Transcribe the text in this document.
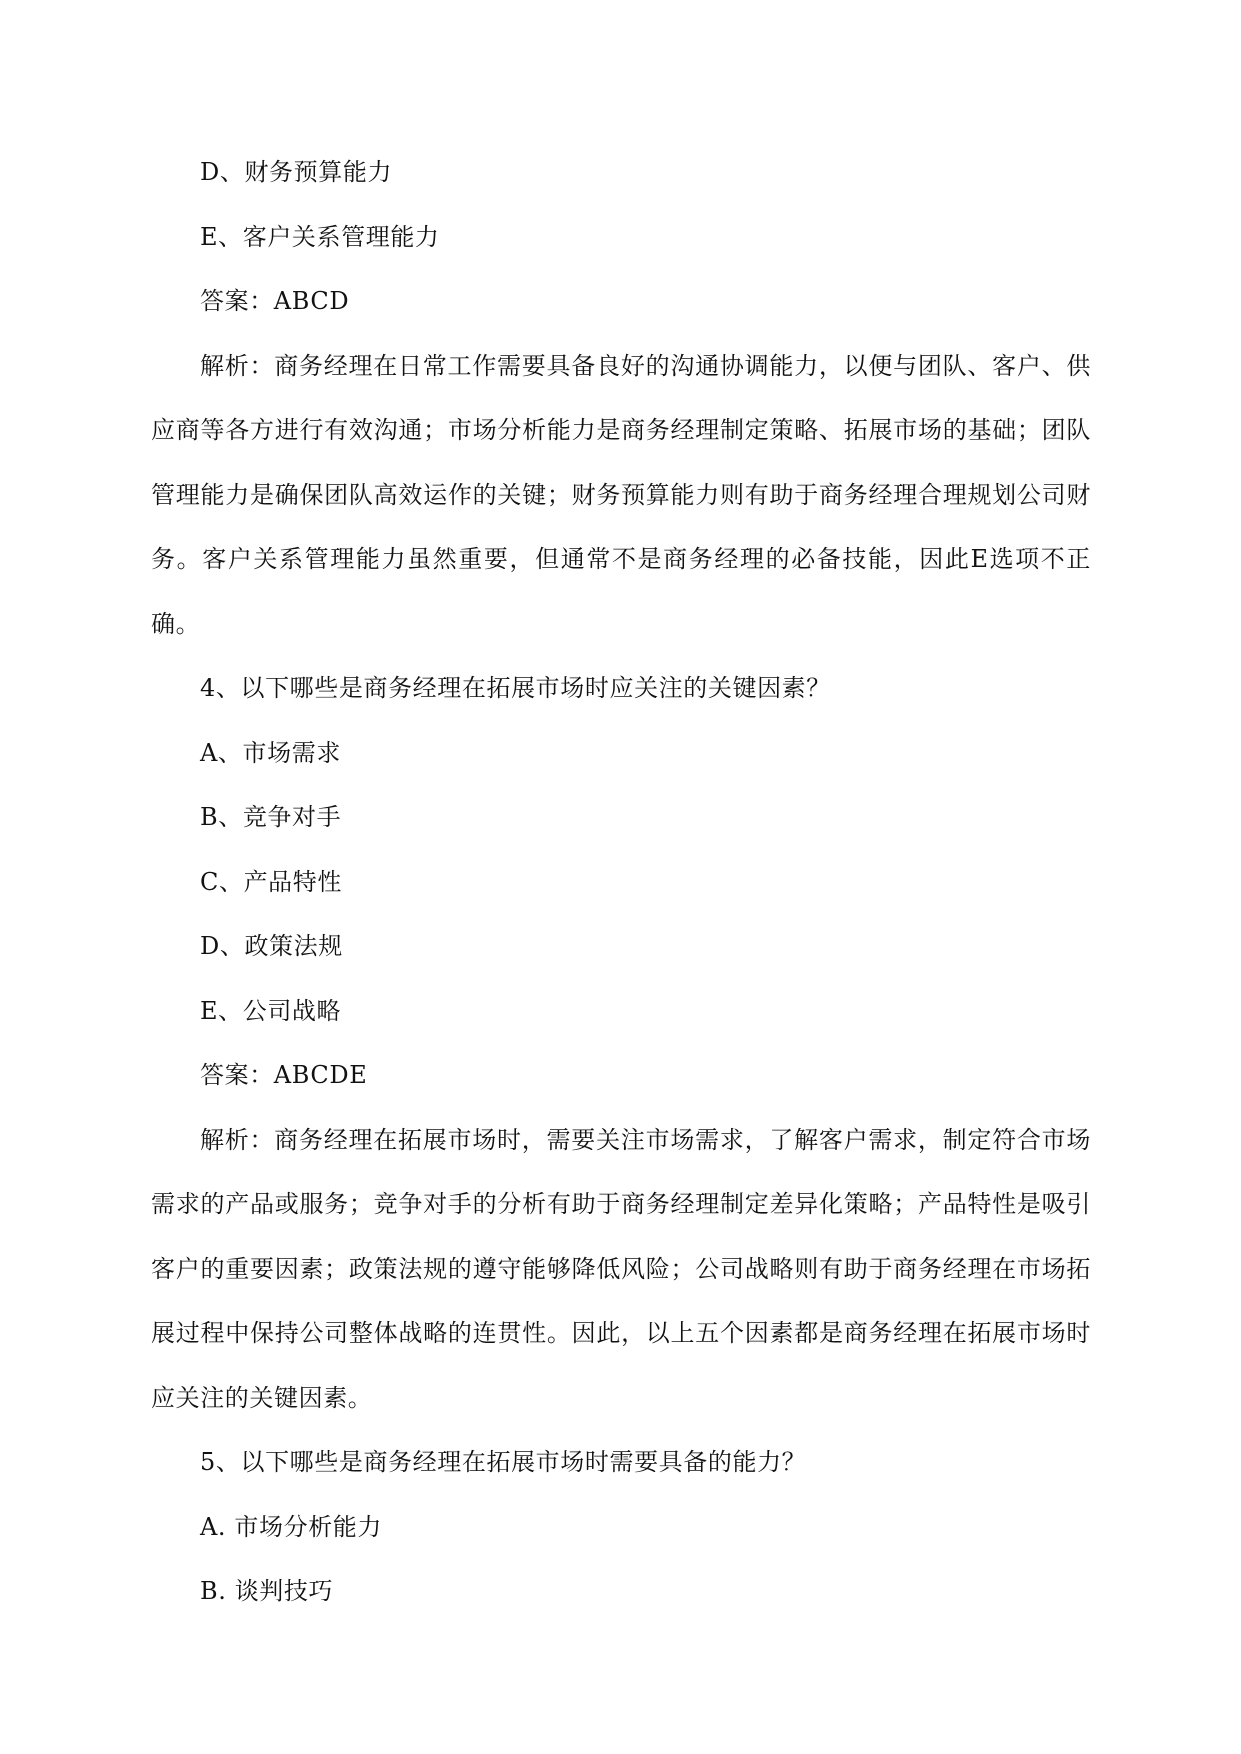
D、财务预算能力
E、客户关系管理能力
答案：ABCD

解析：商务经理在日常工作需要具备良好的沟通协调能力，以便与团队、客户、供应商等各方进行有效沟通；市场分析能力是商务经理制定策略、拓展市场的基础；团队管理能力是确保团队高效运作的关键；财务预算能力则有助于商务经理合理规划公司财务。客户关系管理能力虽然重要，但通常不是商务经理的必备技能，因此E选项不正确。

4、以下哪些是商务经理在拓展市场时应关注的关键因素？
A、市场需求
B、竞争对手
C、产品特性
D、政策法规
E、公司战略
答案：ABCDE

解析：商务经理在拓展市场时，需要关注市场需求，了解客户需求，制定符合市场需求的产品或服务；竞争对手的分析有助于商务经理制定差异化策略；产品特性是吸引客户的重要因素；政策法规的遵守能够降低风险；公司战略则有助于商务经理在市场拓展过程中保持公司整体战略的连贯性。因此，以上五个因素都是商务经理在拓展市场时应关注的关键因素。

5、以下哪些是商务经理在拓展市场时需要具备的能力？
A. 市场分析能力
B. 谈判技巧
